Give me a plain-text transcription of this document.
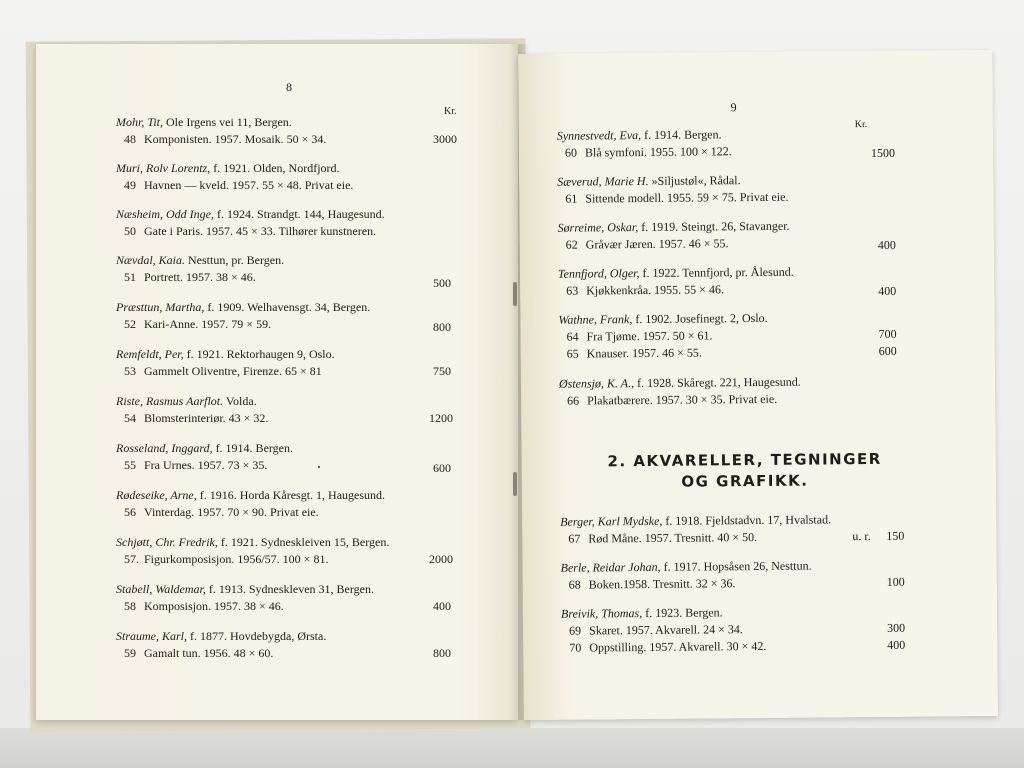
8
Kr.
Mohr, Tit, Ole Irgens vei 11, Bergen.
48 Komponisten. 1957. Mosaik. 50 × 34.	3000
Muri, Rolv Lorentz, f. 1921. Olden, Nordfjord.
49 Havnen — kveld. 1957. 55 × 48. Privat eie.
Næsheim, Odd Inge, f. 1924. Strandgt. 144, Haugesund.
50 Gate i Paris. 1957. 45 × 33. Tilhører kunstneren.
Nævdal, Kaia. Nesttun, pr. Bergen.
51 Portrett. 1957. 38 × 46.	500
Præsttun, Martha, f. 1909. Welhavensgt. 34, Bergen.
52 Kari-Anne. 1957. 79 × 59.	800
Remfeldt, Per, f. 1921. Rektorhaugen 9, Oslo.
53 Gammelt Oliventre, Firenze. 65 × 81	750
Riste, Rasmus Aarflot. Volda.
54 Blomsterinteriør. 43 × 32.	1200
Rosseland, Inggard, f. 1914. Bergen.
55 Fra Urnes. 1957. 73 × 35.	600
Rødeseike, Arne, f. 1916. Horda Kåresgt. 1, Haugesund.
56 Vinterdag. 1957. 70 × 90. Privat eie.
Schjøtt, Chr. Fredrik, f. 1921. Sydneskleiven 15, Bergen.
57. Figurkomposisjon. 1956/57. 100 × 81.	2000
Stabell, Waldemar, f. 1913. Sydneskleven 31, Bergen.
58 Komposisjon. 1957. 38 × 46.	400
Straume, Karl, f. 1877. Hovdebygda, Ørsta.
59 Gamalt tun. 1956. 48 × 60.	800
9
Kr.
Synnestvedt, Eva, f. 1914. Bergen.
60 Blå symfoni. 1955. 100 × 122.	1500
Sæverud, Marie H. »Siljustøl«, Rådal.
61 Sittende modell. 1955. 59 × 75. Privat eie.
Sørreime, Oskar, f. 1919. Steingt. 26, Stavanger.
62 Gråvær Jæren. 1957. 46 × 55.	400
Tennfjord, Olger, f. 1922. Tennfjord, pr. Ålesund.
63 Kjøkkenkråa. 1955. 55 × 46.	400
Wathne, Frank, f. 1902. Josefinegt. 2, Oslo.
64 Fra Tjøme. 1957. 50 × 61.	700
65 Knauser. 1957. 46 × 55.	600
Østensjø, K. A., f. 1928. Skåregt. 221, Haugesund.
66 Plakatbærere. 1957. 30 × 35. Privat eie.
2. AKVARELLER, TEGNINGER
OG GRAFIKK.
Berger, Karl Mydske, f. 1918. Fjeldstadvn. 17, Hvalstad.
67 Rød Måne. 1957. Tresnitt. 40 × 50.	u. r. 150
Berle, Reidar Johan, f. 1917. Hopsåsen 26, Nesttun.
68 Boken.1958. Tresnitt. 32 × 36.	100
Breivik, Thomas, f. 1923. Bergen.
69 Skaret. 1957. Akvarell. 24 × 34.	300
70 Oppstilling. 1957. Akvarell. 30 × 42.	400
